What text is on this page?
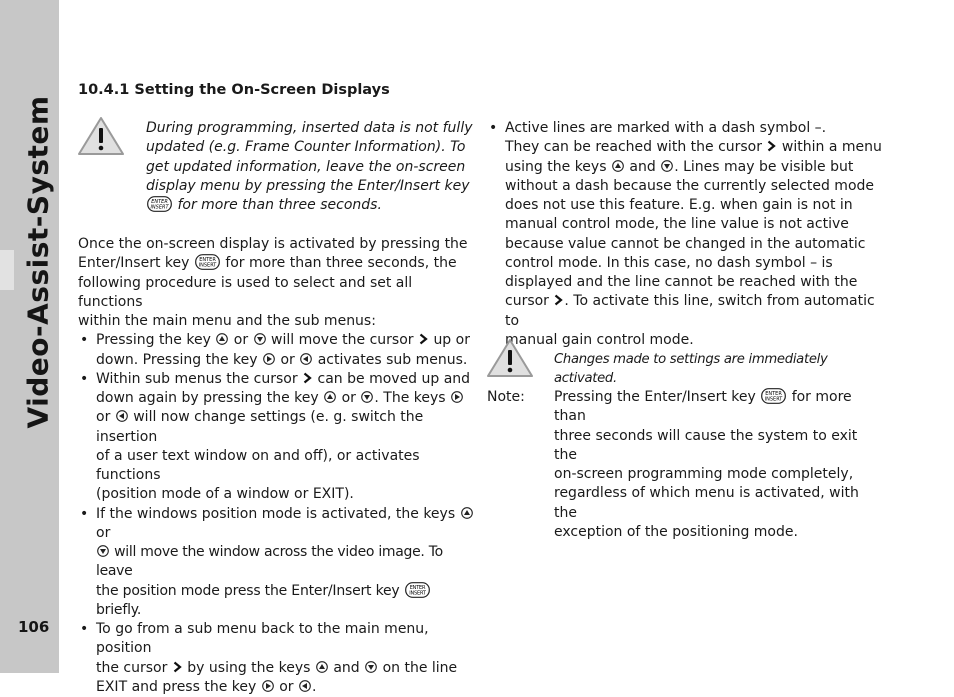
Video-Assist-System
106
10.4.1 Setting the On-Screen Displays
During programming, inserted data is not fully
updated (e.g. Frame Counter Information). To
get updated information, leave the on-screen
display menu by pressing the Enter/Insert key
ENTER
INSERT for more than three seconds.
Once the on-screen display is activated by pressing the
Enter/Insert key ENTER
INSERT for more than three seconds, the
following procedure is used to select and set all functions
within the main menu and the sub menus:
• Pressing the key or will move the cursor up or
down. Pressing the key or activates sub menus.
• Within sub menus the cursor can be moved up and
down again by pressing the key or . The keys
or will now change settings (e. g. switch the insertion
of a user text window on and off), or activates functions
(position mode of a window or EXIT).
• If the windows position mode is activated, the keys
or
will move the window across the video image. To leave
the position mode press the Enter/Insert key ENTER
INSERT
briefly.
• To go from a sub menu back to the main menu, position
the cursor by using the keys and on the line
EXIT and press the key or .
• Active lines are marked with a dash symbol –.
They can be reached with the cursor within a menu
using the keys and . Lines may be visible but
without a dash because the currently selected mode
does not use this feature. E.g. when gain is not in
manual control mode, the line value is not active
because value cannot be changed in the automatic
control mode. In this case, no dash symbol – is
displayed and the line cannot be reached with the
cursor . To activate this line, switch from automatic to
manual gain control mode.
Changes made to settings are immediately activated.
Note: Pressing the Enter/Insert key ENTER
INSERT for more than
three seconds will cause the system to exit the
on-screen programming mode completely,
regardless of which menu is activated, with the
exception of the positioning mode.
